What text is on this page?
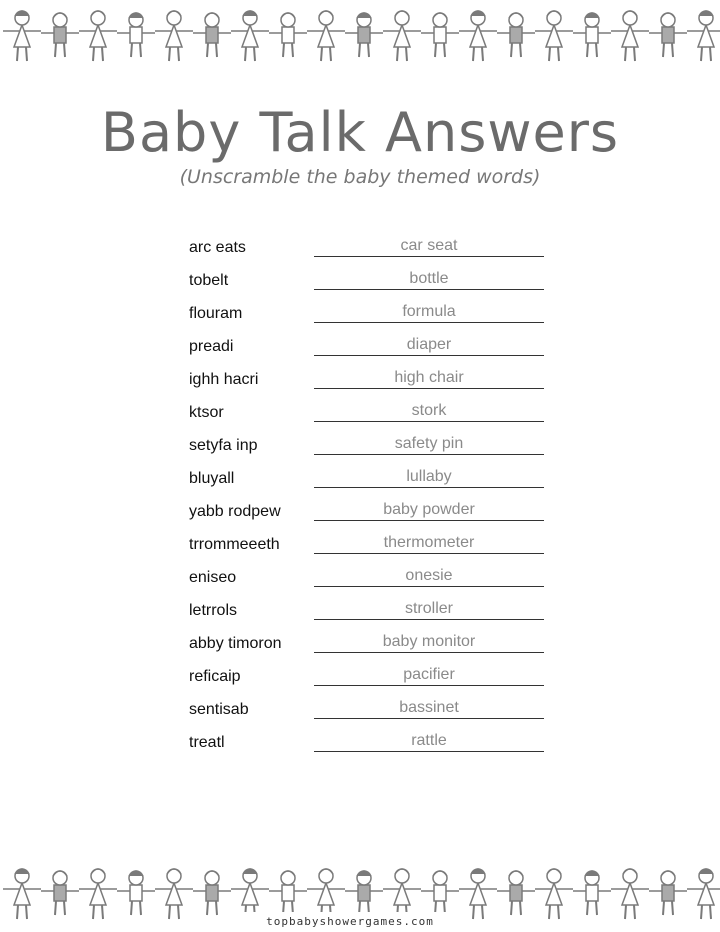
Baby Talk Answers
(Unscramble the baby themed words)
arc eats	car seat
tobelt	bottle
flouram	formula
preadi	diaper
ighh hacri	high chair
ktsor	stork
setyfa inp	safety pin
bluyall	lullaby
yabb rodpew	baby powder
trrommeeeth	thermometer
eniseo	onesie
letrrols	stroller
abby timoron	baby monitor
reficaip	pacifier
sentisab	bassinet
treatl	rattle
topbabyshowergames.com
